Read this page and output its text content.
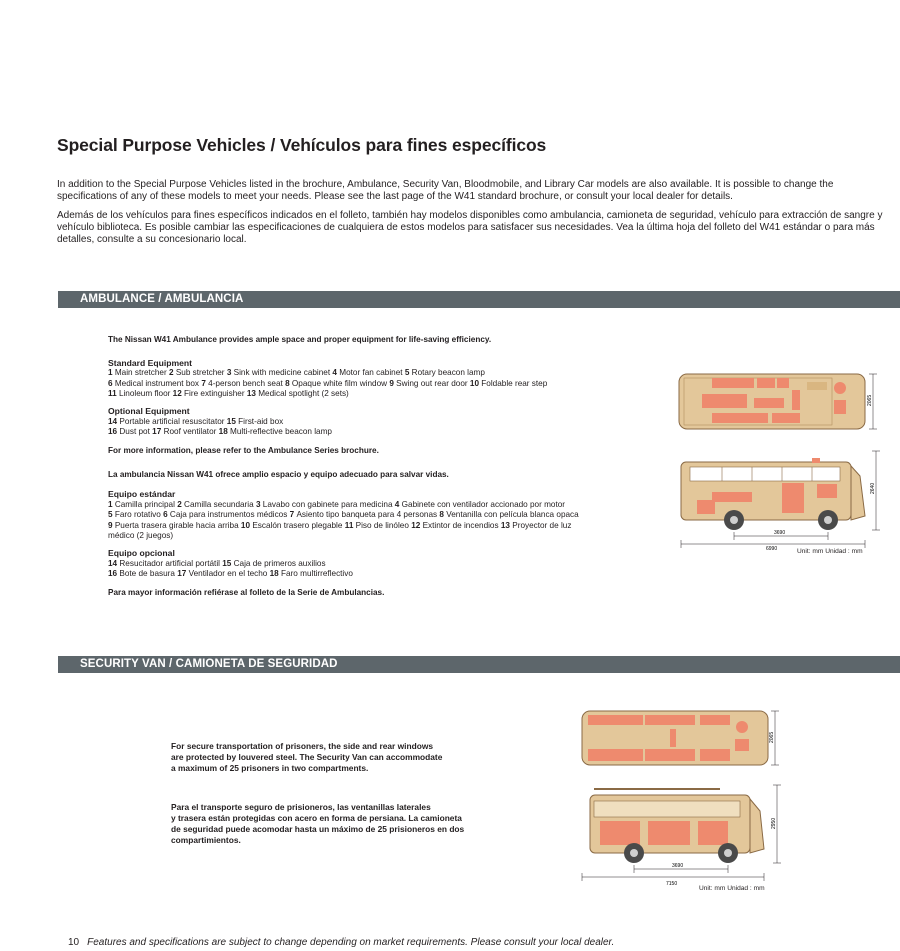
Special Purpose Vehicles / Vehículos para fines específicos
In addition to the Special Purpose Vehicles listed in the brochure, Ambulance, Security Van, Bloodmobile, and Library Car models are also available. It is possible to change the specifications of any of these models to meet your needs. Please see the last page of the W41 standard brochure, or consult your local dealer for details.
Además de los vehículos para fines específicos indicados en el folleto, también hay modelos disponibles como ambulancia, camioneta de seguridad, vehículo para extracción de sangre y vehículo biblioteca. Es posible cambiar las especificaciones de cualquiera de estos modelos para satisfacer sus necesidades. Vea la última hoja del folleto del W41 estándar o para más detalles, consulte a su concesionario local.
AMBULANCE / AMBULANCIA

The Nissan W41 Ambulance provides ample space and proper equipment for life-saving efficiency.

Standard Equipment

1 Main stretcher 2 Sub stretcher 3 Sink with medicine cabinet 4 Motor fan cabinet 5 Rotary beacon lamp
6 Medical instrument box 7 4-person bench seat 8 Opaque white film window 9 Swing out rear door 10 Foldable rear step
11 Linoleum floor 12 Fire extinguisher 13 Medical spotlight (2 sets)

Optional Equipment

14 Portable artificial resuscitator 15 First-aid box
16 Dust pot 17 Roof ventilator 18 Multi-reflective beacon lamp

For more information, please refer to the Ambulance Series brochure.

La ambulancia Nissan W41 ofrece amplio espacio y equipo adecuado para salvar vidas.

Equipo estándar

1 Camilla principal 2 Camilla secundaria 3 Lavabo con gabinete para medicina 4 Gabinete con ventilador accionado por motor
5 Faro rotativo 6 Caja para instrumentos médicos 7 Asiento tipo banqueta para 4 personas 8 Ventanilla con película blanca opaca
9 Puerta trasera girable hacia arriba 10 Escalón trasero plegable 11 Piso de linóleo 12 Extintor de incendios 13 Proyector de luz

médico (2 juegos)

Equipo opcional

14 Resucitador artificial portátil 15 Caja de primeros auxilios
16 Bote de basura 17 Ventilador en el techo 18 Faro multirreflectivo

Para mayor información refiérase al folleto de la Serie de Ambulancias.

2065
2640
3690
6990	Unit: mm Unidad : mm
SECURITY VAN / CAMIONETA DE SEGURIDAD
For secure transportation of prisoners, the side and rear windows
are protected by louvered steel. The Security Van can accommodate
a maximum of 25 prisoners in two compartments.
Para el transporte seguro de prisioneros, las ventanillas laterales
y trasera están protegidas con acero en forma de persiana. La camioneta
de seguridad puede acomodar hasta un máximo de 25 prisioneros en dos
compartimientos.
2065
2950
3690
7150
Unit: mm Unidad : mm
10 Features and specifications are subject to change depending on market requirements. Please consult your local dealer.
